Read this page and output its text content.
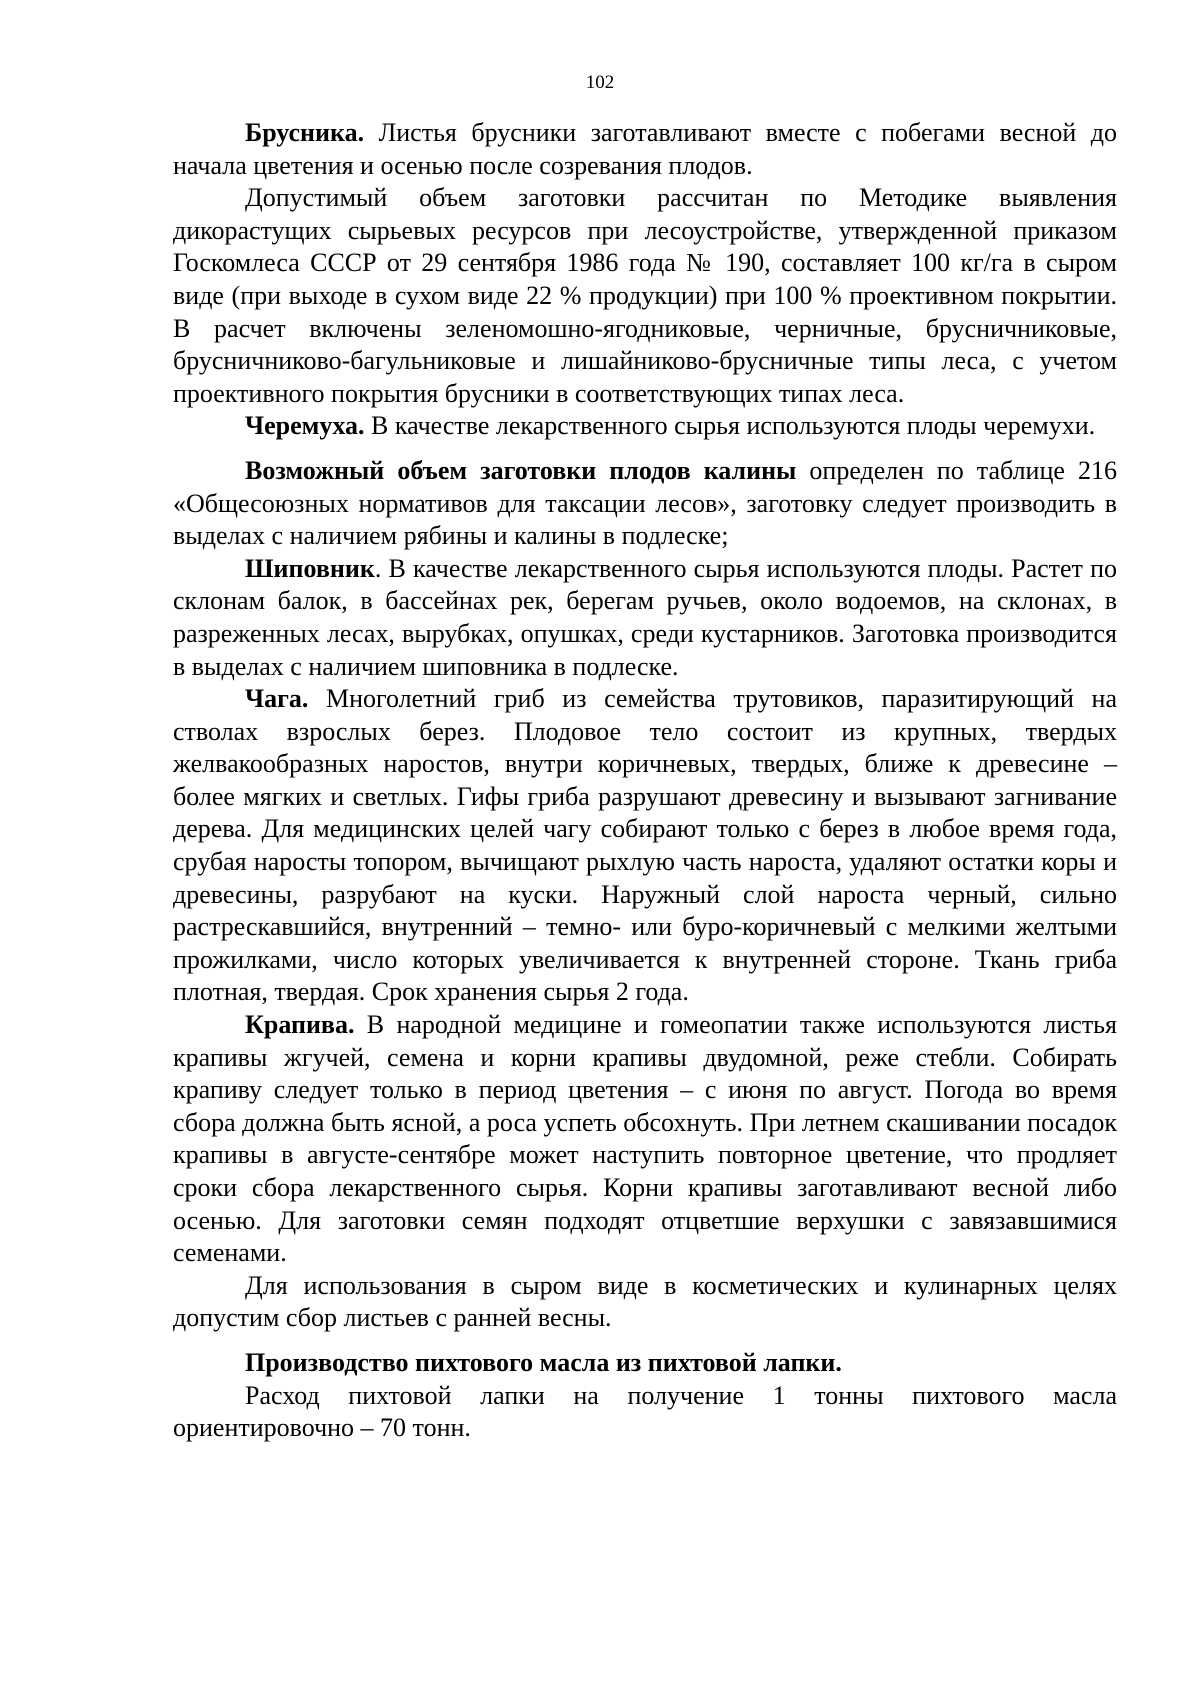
102

Брусника. Листья брусники заготавливают вместе с побегами весной до начала цветения и осенью после созревания плодов.

Допустимый объем заготовки рассчитан по Методике выявления дикорастущих сырьевых ресурсов при лесоустройстве, утвержденной приказом Госкомлеса СССР от 29 сентября 1986 года № 190, составляет 100 кг/га в сыром виде (при выходе в сухом виде 22 % продукции) при 100 % проективном покрытии. В расчет включены зеленомошно-ягодниковые, черничные, брусничниковые, брусничниково-багульниковые и лишайниково-брусничные типы леса, с учетом проективного покрытия брусники в соответствующих типах леса.

Черемуха. В качестве лекарственного сырья используются плоды черемухи.

Возможный объем заготовки плодов калины определен по таблице 216 «Общесоюзных нормативов для таксации лесов», заготовку следует производить в выделах с наличием рябины и калины в подлеске;

Шиповник. В качестве лекарственного сырья используются плоды. Растет по склонам балок, в бассейнах рек, берегам ручьев, около водоемов, на склонах, в разреженных лесах, вырубках, опушках, среди кустарников. Заготовка производится в выделах с наличием шиповника в подлеске.

Чага. Многолетний гриб из семейства трутовиков, паразитирующий на стволах взрослых берез. Плодовое тело состоит из крупных, твердых желвакообразных наростов, внутри коричневых, твердых, ближе к древесине – более мягких и светлых. Гифы гриба разрушают древесину и вызывают загнивание дерева. Для медицинских целей чагу собирают только с берез в любое время года, срубая наросты топором, вычищают рыхлую часть нароста, удаляют остатки коры и древесины, разрубают на куски. Наружный слой нароста черный, сильно растрескавшийся, внутренний – темно- или буро-коричневый с мелкими желтыми прожилками, число которых увеличивается к внутренней стороне. Ткань гриба плотная, твердая. Срок хранения сырья 2 года.

Крапива. В народной медицине и гомеопатии также используются листья крапивы жгучей, семена и корни крапивы двудомной, реже стебли. Собирать крапиву следует только в период цветения – с июня по август. Погода во время сбора должна быть ясной, а роса успеть обсохнуть. При летнем скашивании посадок крапивы в августе-сентябре может наступить повторное цветение, что продляет сроки сбора лекарственного сырья. Корни крапивы заготавливают весной либо осенью. Для заготовки семян подходят отцветшие верхушки с завязавшимися семенами.

Для использования в сыром виде в косметических и кулинарных целях допустим сбор листьев с ранней весны.

Производство пихтового масла из пихтовой лапки.

Расход пихтовой лапки на получение 1 тонны пихтового масла ориентировочно – 70 тонн.
